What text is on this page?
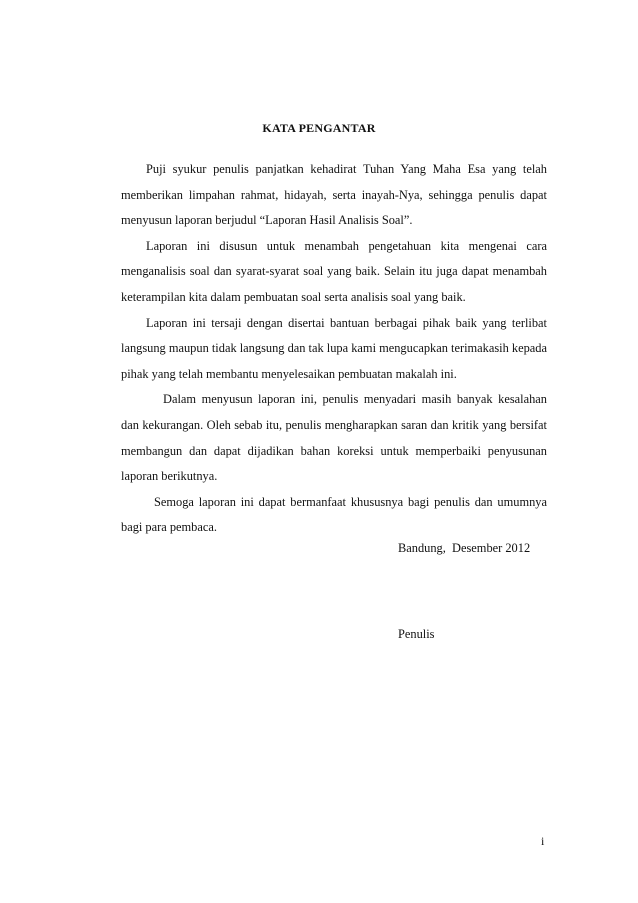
KATA PENGANTAR

Puji syukur penulis panjatkan kehadirat Tuhan Yang Maha Esa yang telah memberikan limpahan rahmat, hidayah, serta inayah-Nya, sehingga penulis dapat menyusun laporan berjudul “Laporan Hasil Analisis Soal”.

Laporan ini disusun untuk menambah pengetahuan kita mengenai cara menganalisis soal dan syarat-syarat soal yang baik. Selain itu juga dapat menambah keterampilan kita dalam pembuatan soal serta analisis soal yang baik.

Laporan ini tersaji dengan disertai bantuan berbagai pihak baik yang terlibat langsung maupun tidak langsung dan tak lupa kami mengucapkan terimakasih kepada pihak yang telah membantu menyelesaikan pembuatan makalah ini.

Dalam menyusun laporan ini, penulis menyadari masih banyak kesalahan dan kekurangan. Oleh sebab itu, penulis mengharapkan saran dan kritik yang bersifat membangun dan dapat dijadikan bahan koreksi untuk memperbaiki penyusunan laporan berikutnya.

Semoga laporan ini dapat bermanfaat khususnya bagi penulis dan umumnya bagi para pembaca.

Bandung,  Desember 2012
Penulis
i
